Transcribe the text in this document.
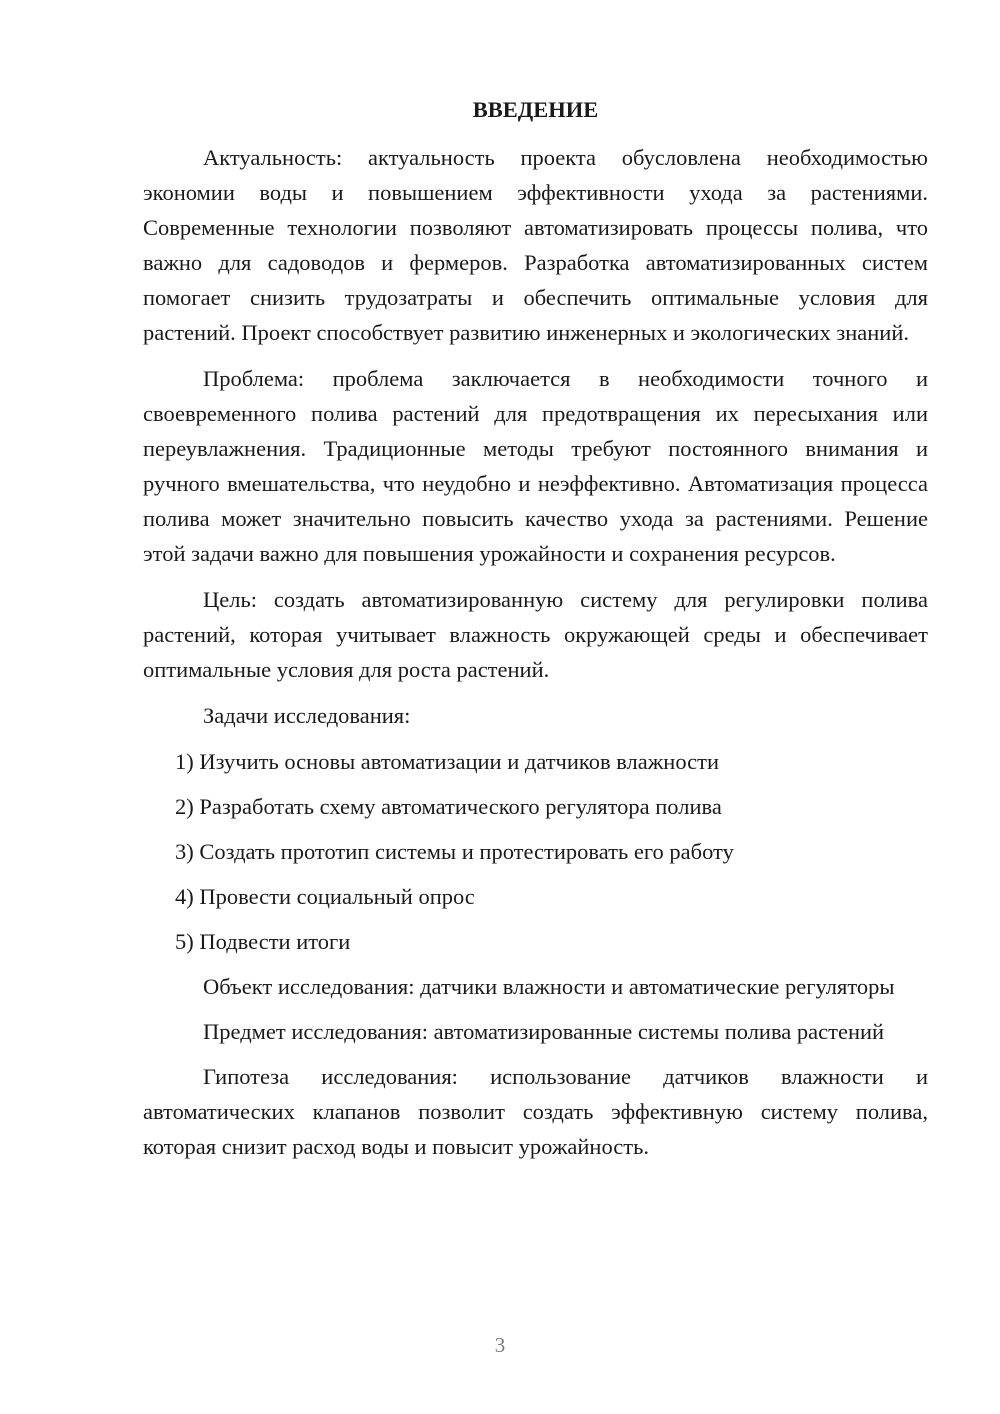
ВВЕДЕНИЕ

Актуальность: актуальность проекта обусловлена необходимостью экономии воды и повышением эффективности ухода за растениями. Современные технологии позволяют автоматизировать процессы полива, что важно для садоводов и фермеров. Разработка автоматизированных систем помогает снизить трудозатраты и обеспечить оптимальные условия для растений. Проект способствует развитию инженерных и экологических знаний.

Проблема: проблема заключается в необходимости точного и своевременного полива растений для предотвращения их пересыхания или переувлажнения. Традиционные методы требуют постоянного внимания и ручного вмешательства, что неудобно и неэффективно. Автоматизация процесса полива может значительно повысить качество ухода за растениями. Решение этой задачи важно для повышения урожайности и сохранения ресурсов.

Цель: создать автоматизированную систему для регулировки полива растений, которая учитывает влажность окружающей среды и обеспечивает оптимальные условия для роста растений.

Задачи исследования:
1) Изучить основы автоматизации и датчиков влажности
2) Разработать схему автоматического регулятора полива
3) Создать прототип системы и протестировать его работу
4) Провести социальный опрос
5) Подвести итоги

Объект исследования: датчики влажности и автоматические регуляторы

Предмет исследования: автоматизированные системы полива растений

Гипотеза исследования: использование датчиков влажности и автоматических клапанов позволит создать эффективную систему полива, которая снизит расход воды и повысит урожайность.

3
